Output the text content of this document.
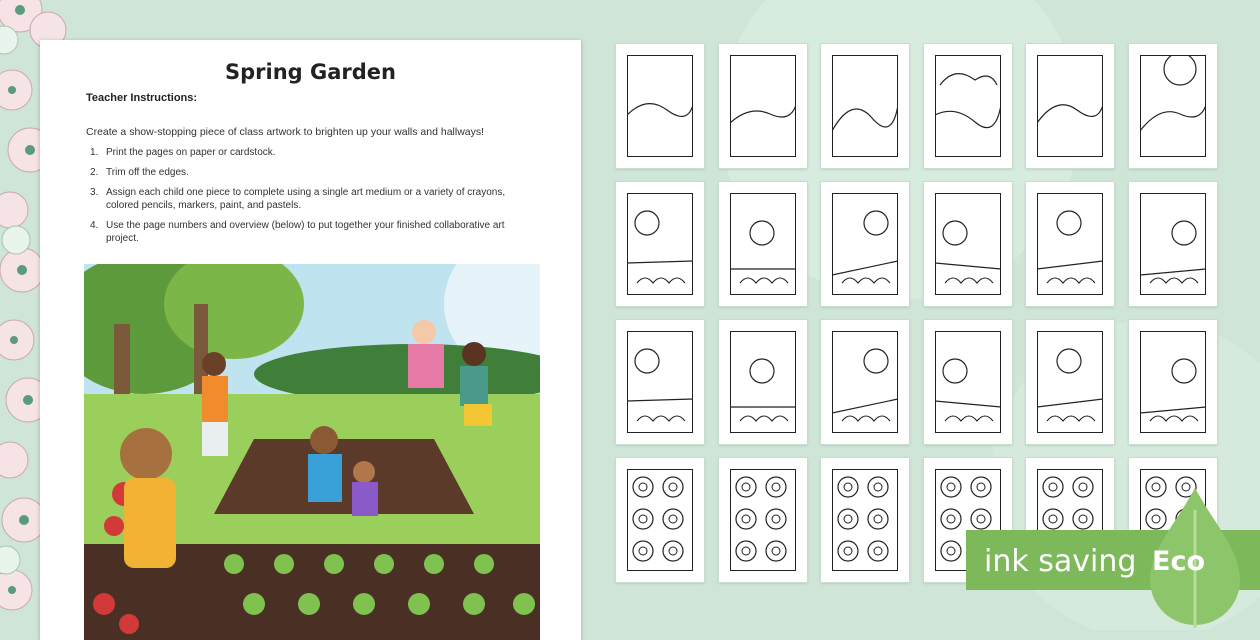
Spring Garden
Teacher Instructions:
Create a show-stopping piece of class artwork to brighten up your walls and hallways!
1. Print the pages on paper or cardstock.
2. Trim off the edges.
3. Assign each child one piece to complete using a single art medium or a variety of crayons, colored pencils, markers, paint, and pastels.
4. Use the page numbers and overview (below) to put together your finished collaborative art project.
ink saving Eco
